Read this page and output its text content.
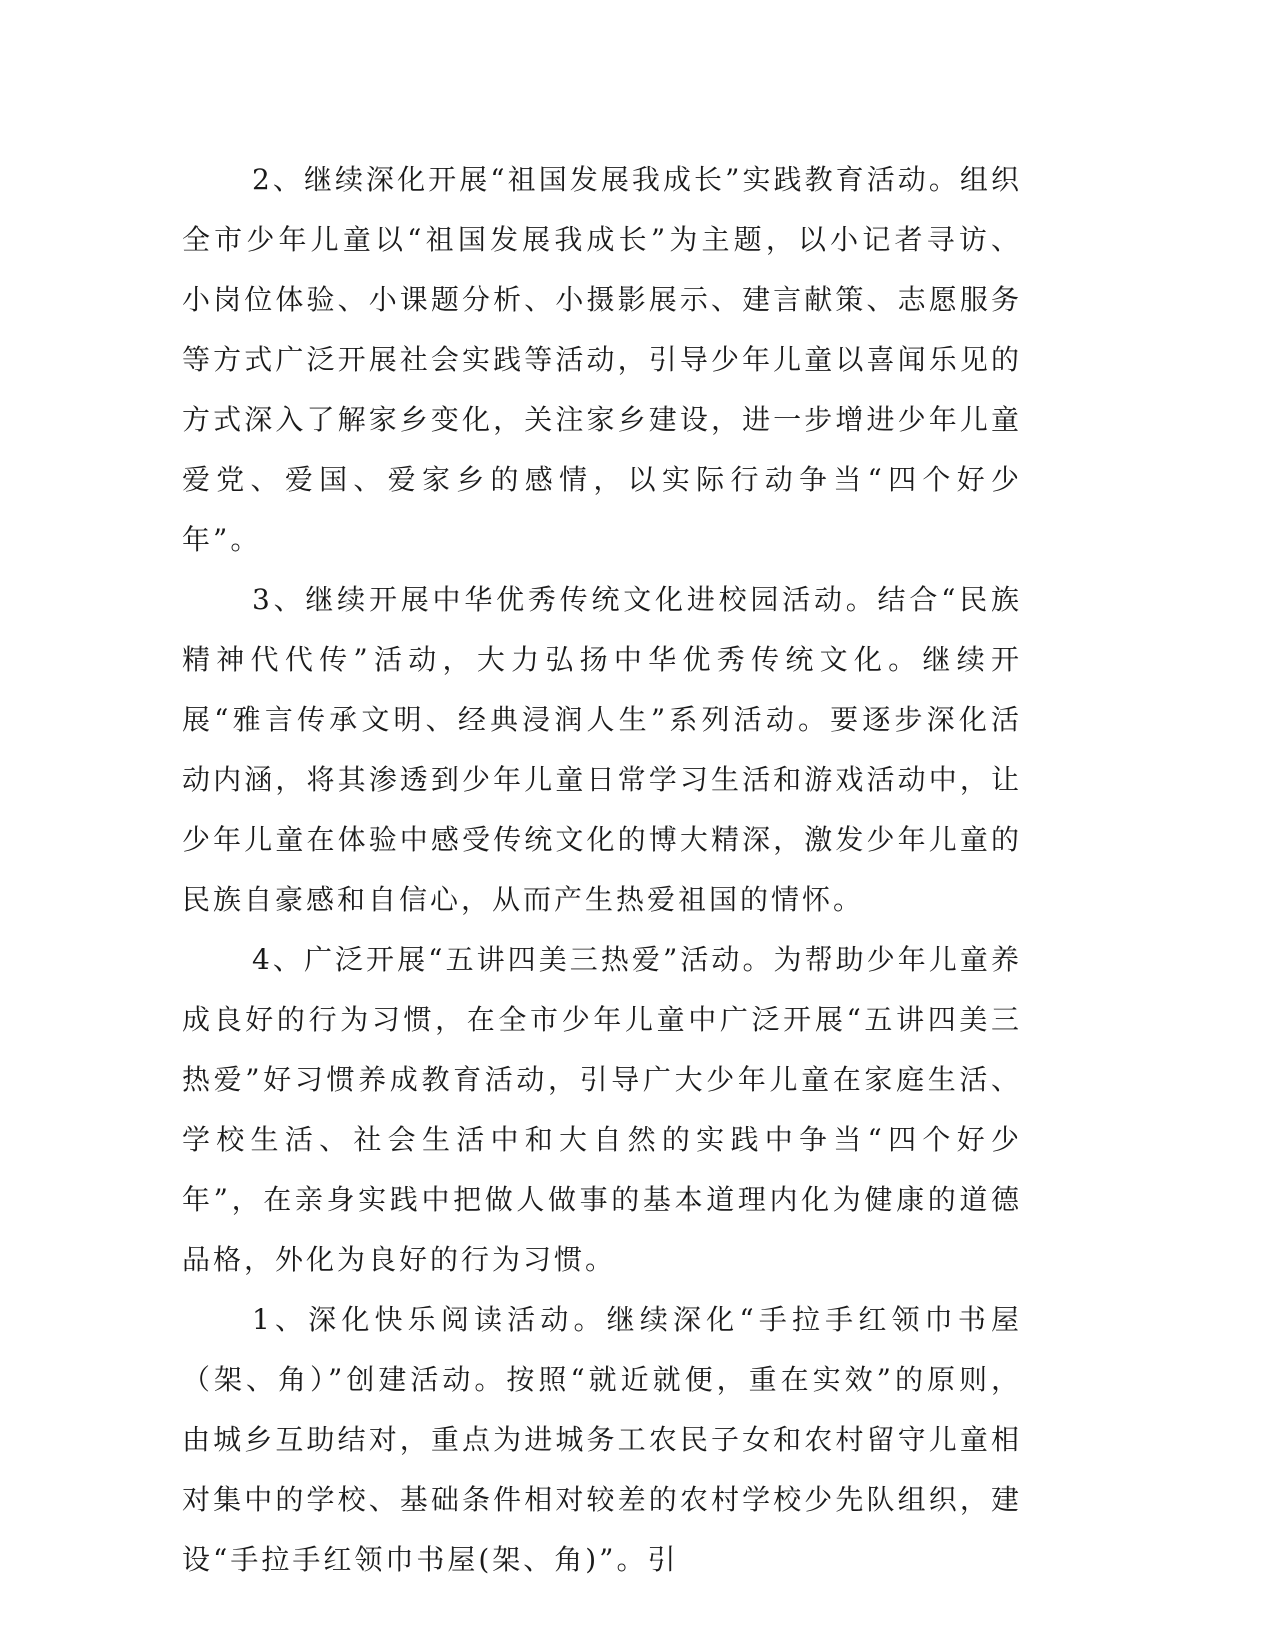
2、继续深化开展“祖国发展我成长”实践教育活动。组织全市少年儿童以“祖国发展我成长”为主题，以小记者寻访、小岗位体验、小课题分析、小摄影展示、建言献策、志愿服务等方式广泛开展社会实践等活动，引导少年儿童以喜闻乐见的方式深入了解家乡变化，关注家乡建设，进一步增进少年儿童爱党、爱国、爱家乡的感情，以实际行动争当“四个好少年”。

3、继续开展中华优秀传统文化进校园活动。结合“民族精神代代传”活动，大力弘扬中华优秀传统文化。继续开展“雅言传承文明、经典浸润人生”系列活动。要逐步深化活动内涵，将其渗透到少年儿童日常学习生活和游戏活动中，让少年儿童在体验中感受传统文化的博大精深，激发少年儿童的民族自豪感和自信心，从而产生热爱祖国的情怀。

4、广泛开展“五讲四美三热爱”活动。为帮助少年儿童养成良好的行为习惯，在全市少年儿童中广泛开展“五讲四美三热爱”好习惯养成教育活动，引导广大少年儿童在家庭生活、学校生活、社会生活中和大自然的实践中争当“四个好少年”，在亲身实践中把做人做事的基本道理内化为健康的道德品格，外化为良好的行为习惯。

1、深化快乐阅读活动。继续深化“手拉手红领巾书屋（架、角）”创建活动。按照“就近就便，重在实效”的原则，由城乡互助结对，重点为进城务工农民子女和农村留守儿童相对集中的学校、基础条件相对较差的农村学校少先队组织，建设“手拉手红领巾书屋(架、角)”。引
